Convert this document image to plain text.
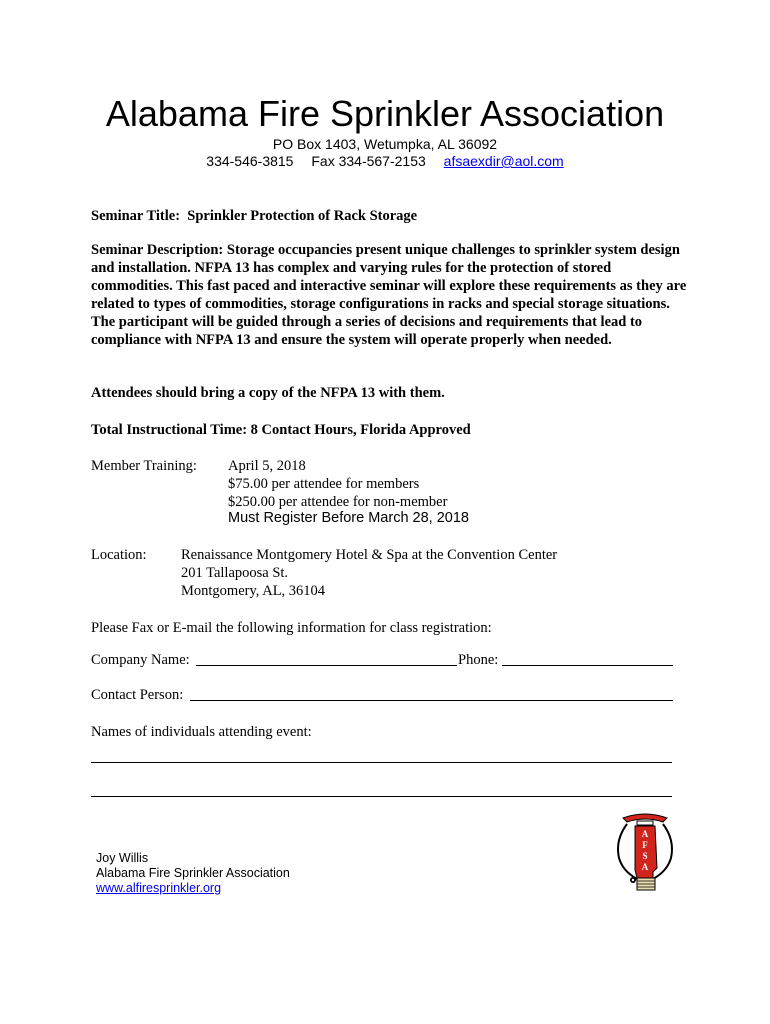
Alabama Fire Sprinkler Association
PO Box 1403, Wetumpka, AL 36092
334-546-3815 Fax 334-567-2153 afsaexdir@aol.com
Seminar Title: Sprinkler Protection of Rack Storage
Seminar Description: Storage occupancies present unique challenges to sprinkler system design and installation. NFPA 13 has complex and varying rules for the protection of stored commodities. This fast paced and interactive seminar will explore these requirements as they are related to types of commodities, storage configurations in racks and special storage situations. The participant will be guided through a series of decisions and requirements that lead to compliance with NFPA 13 and ensure the system will operate properly when needed.
Attendees should bring a copy of the NFPA 13 with them.
Total Instructional Time: 8 Contact Hours, Florida Approved
Member Training: April 5, 2018
$75.00 per attendee for members
$250.00 per attendee for non-member
Must Register Before March 28, 2018
Location: Renaissance Montgomery Hotel & Spa at the Convention Center
201 Tallapoosa St.
Montgomery, AL, 36104
Please Fax or E-mail the following information for class registration:
Company Name:	Phone:
Contact Person:
Names of individuals attending event:
Joy Willis
Alabama Fire Sprinkler Association
www.alfiresprinkler.org
A
F
S
A
